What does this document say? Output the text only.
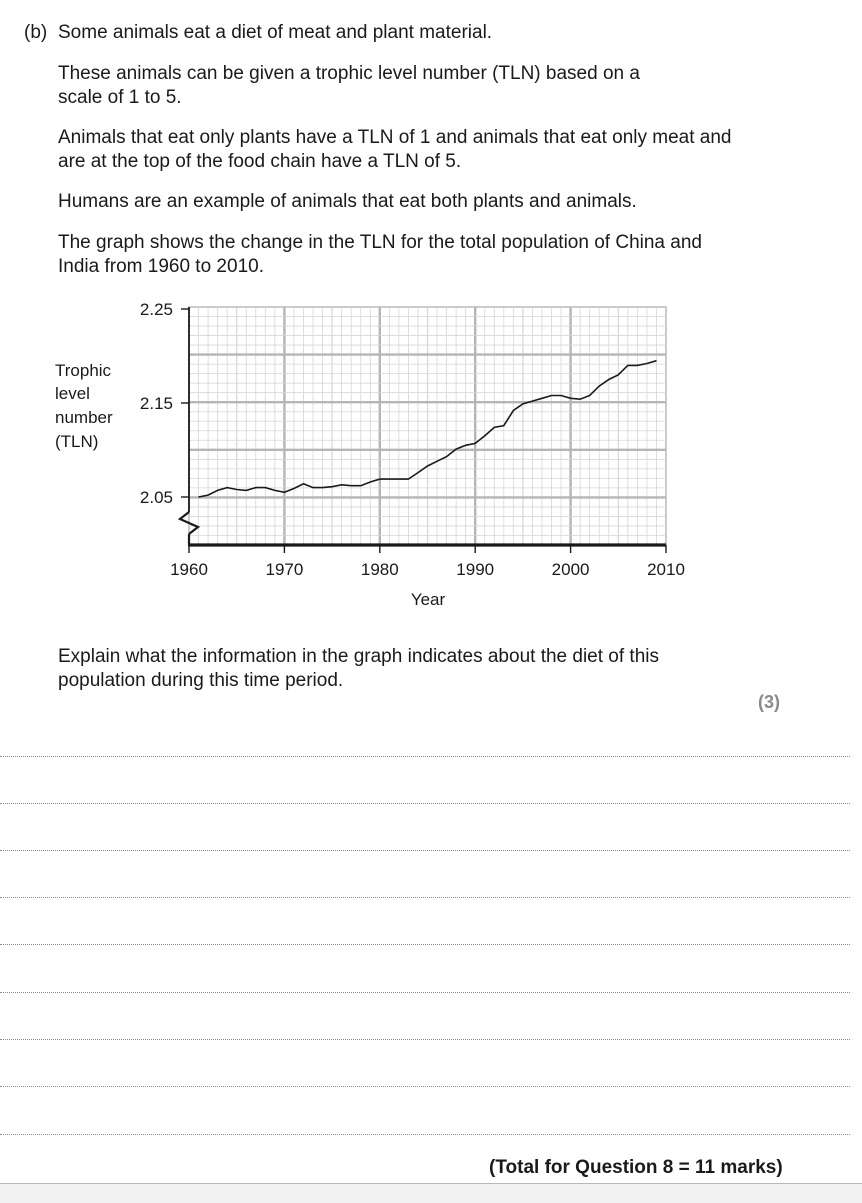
(b) Some animals eat a diet of meat and plant material.
These animals can be given a trophic level number (TLN) based on a
scale of 1 to 5.
Animals that eat only plants have a TLN of 1 and animals that eat only meat and
are at the top of the food chain have a TLN of 5.
Humans are an example of animals that eat both plants and animals.
The graph shows the change in the TLN for the total population of China and
India from 1960 to 2010.
Trophic
level
number
(TLN)
2.25
2.15
2.05
1960	1970	1980	1990	2000	2010
Year
Explain what the information in the graph indicates about the diet of this
population during this time period.
(3)
(Total for Question 8 = 11 marks)
